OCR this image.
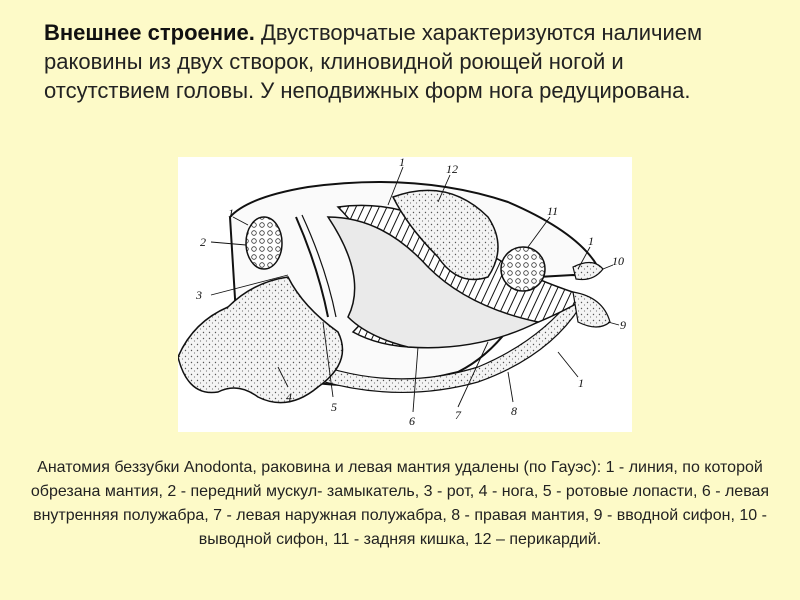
Внешнее строение. Двустворчатые характеризуются наличием раковины из двух створок, клиновидной роющей ногой и отсутствием головы. У неподвижных форм нога редуцирована.
1
2
3
4
5
6	7	8
9
10
11
12
1
1
1
Анатомия беззубки Anodonta, раковина и левая мантия удалены (по Гауэс): 1 - линия, по которой обрезана мантия, 2 - передний мускул- замыкатель, 3 - рот, 4 - нога, 5 - ротовые лопасти, 6 - левая внутренняя полужабра, 7 - левая наружная полужабра, 8 - правая мантия, 9 - вводной сифон, 10 - выводной сифон, 11 - задняя кишка, 12 – перикардий.
